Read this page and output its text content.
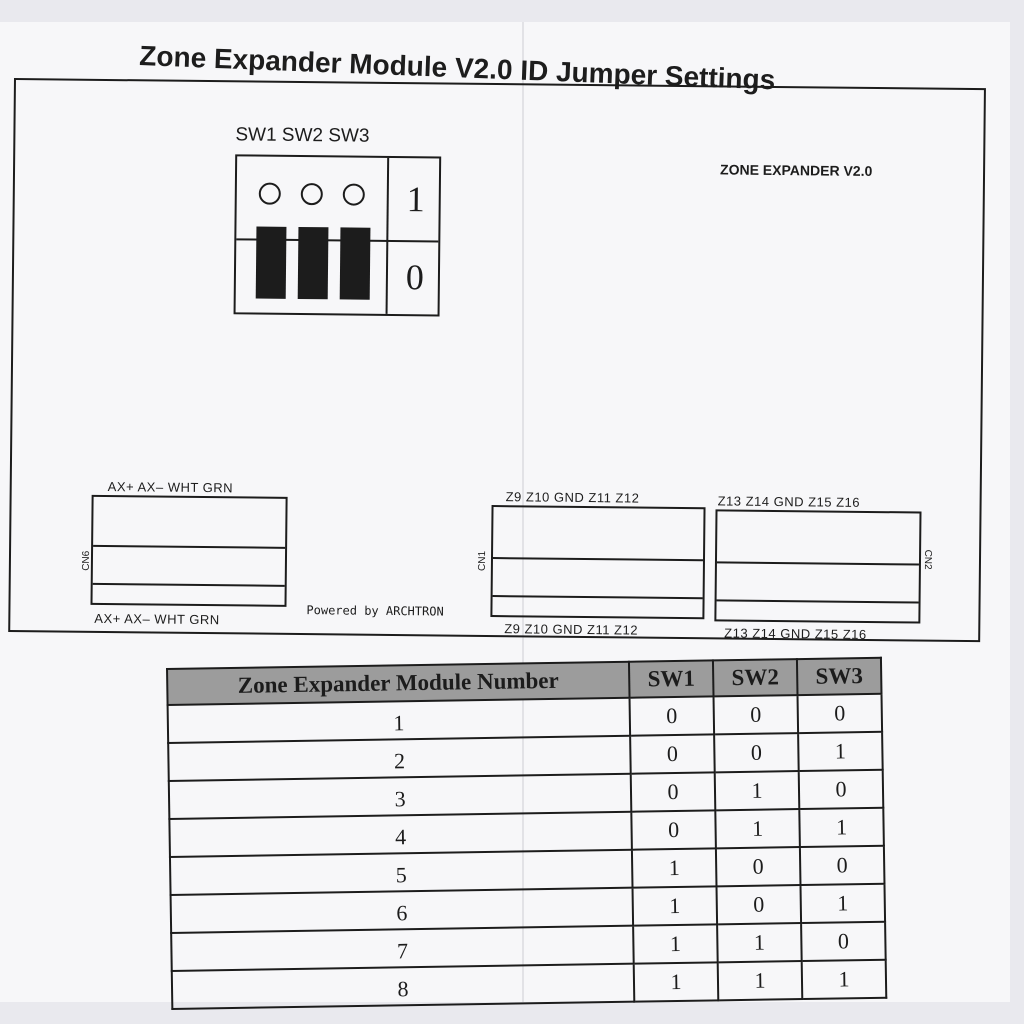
Zone Expander Module V2.0 ID Jumper Settings
SW1 SW2 SW3
1
0
ZONE EXPANDER V2.0
AX+ AX– WHT GRN
CN6
AX+ AX– WHT GRN
Powered by ARCHTRON
Z9 Z10 GND Z11 Z12
CN1
Z9 Z10 GND Z11 Z12
Z13 Z14 GND Z15 Z16
CN2
Z13 Z14 GND Z15 Z16
Zone Expander Module Number	SW1	SW2	SW3
1	0	0	0
2	0	0	1
3	0	1	0
4	0	1	1
5	1	0	0
6	1	0	1
7	1	1	0
8	1	1	1
